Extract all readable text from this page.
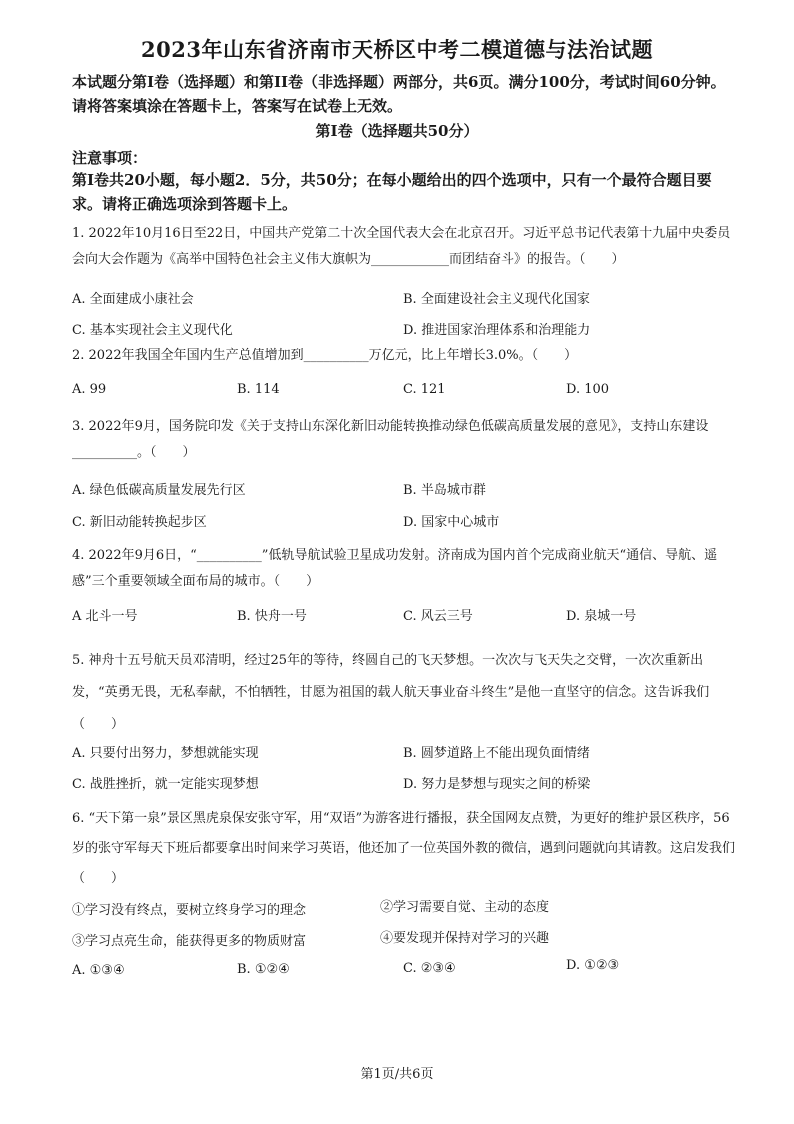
2023年山东省济南市天桥区中考二模道德与法治试题
本试题分第I卷（选择题）和第II卷（非选择题）两部分，共6页。满分100分，考试时间60分钟。请将答案填涂在答题卡上，答案写在试卷上无效。
第I卷（选择题共50分）
注意事项：
第I卷共20小题，每小题2．5分，共50分；在每小题给出的四个选项中，只有一个最符合题目要求。请将正确选项涂到答题卡上。
1. 2022年10月16日至22日，中国共产党第二十次全国代表大会在北京召开。习近平总书记代表第十九届中央委员会向大会作题为《高举中国特色社会主义伟大旗帜为____________而团结奋斗》的报告。（　　）
A. 全面建成小康社会	B. 全面建设社会主义现代化国家
C. 基本实现社会主义现代化	D. 推进国家治理体系和治理能力
2. 2022年我国全年国内生产总值增加到__________万亿元，比上年增长3.0%。（　　）
A. 99	B. 114	C. 121	D. 100
3. 2022年9月，国务院印发《关于支持山东深化新旧动能转换推动绿色低碳高质量发展的意见》，支持山东建设__________。（　　）
A. 绿色低碳高质量发展先行区	B. 半岛城市群
C. 新旧动能转换起步区	D. 国家中心城市
4. 2022年9月6日，“__________”低轨导航试验卫星成功发射。济南成为国内首个完成商业航天“通信、导航、遥感”三个重要领域全面布局的城市。（　　）
A 北斗一号	B. 快舟一号	C. 风云三号	D. 泉城一号
5. 神舟十五号航天员邓清明，经过25年的等待，终圆自己的飞天梦想。一次次与飞天失之交臂，一次次重新出发，“英勇无畏，无私奉献，不怕牺牲，甘愿为祖国的载人航天事业奋斗终生”是他一直坚守的信念。这告诉我们（　　）
A. 只要付出努力，梦想就能实现	B. 圆梦道路上不能出现负面情绪
C. 战胜挫折，就一定能实现梦想	D. 努力是梦想与现实之间的桥梁
6. “天下第一泉”景区黑虎泉保安张守军，用“双语”为游客进行播报，获全国网友点赞，为更好的维护景区秩序，56岁的张守军每天下班后都要拿出时间来学习英语，他还加了一位英国外教的微信，遇到问题就向其请教。这启发我们（　　）
①学习没有终点，要树立终身学习的理念	②学习需要自觉、主动的态度
③学习点亮生命，能获得更多的物质财富	④要发现并保持对学习的兴趣
A. ①③④	B. ①②④	C. ②③④	D. ①②③
第1页/共6页
